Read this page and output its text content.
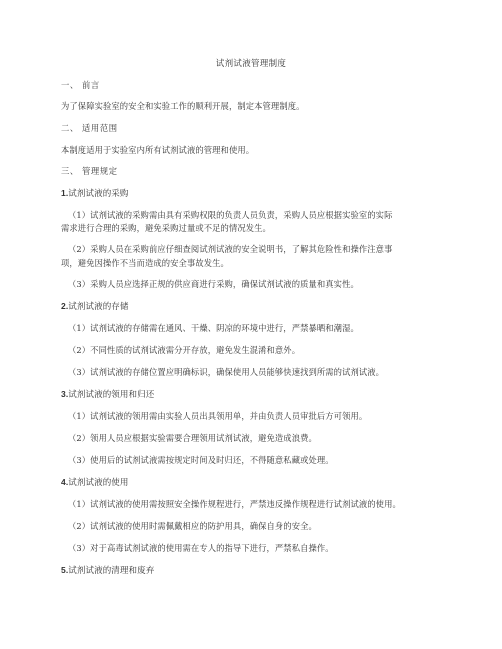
试剂试液管理制度
一、 前言
为了保障实验室的安全和实验工作的顺利开展，制定本管理制度。
二、 适用范围
本制度适用于实验室内所有试剂试液的管理和使用。
三、 管理规定
1.试剂试液的采购
（1）试剂试液的采购需由具有采购权限的负责人员负责，采购人员应根据实验室的实际
需求进行合理的采购，避免采购过量或不足的情况发生。
（2）采购人员在采购前应仔细查阅试剂试液的安全说明书，了解其危险性和操作注意事
项，避免因操作不当而造成的安全事故发生。
（3）采购人员应选择正规的供应商进行采购，确保试剂试液的质量和真实性。
2.试剂试液的存储
（1）试剂试液的存储需在通风、干燥、阴凉的环境中进行，严禁暴晒和潮湿。
（2）不同性质的试剂试液需分开存放，避免发生混淆和意外。
（3）试剂试液的存储位置应明确标识，确保使用人员能够快速找到所需的试剂试液。
3.试剂试液的领用和归还
（1）试剂试液的领用需由实验人员出具领用单，并由负责人员审批后方可领用。
（2）领用人员应根据实验需要合理领用试剂试液，避免造成浪费。
（3）使用后的试剂试液需按规定时间及时归还，不得随意私藏或处理。
4.试剂试液的使用
（1）试剂试液的使用需按照安全操作规程进行，严禁违反操作规程进行试剂试液的使用。
（2）试剂试液的使用时需佩戴相应的防护用具，确保自身的安全。
（3）对于高毒试剂试液的使用需在专人的指导下进行，严禁私自操作。
5.试剂试液的清理和废弃
